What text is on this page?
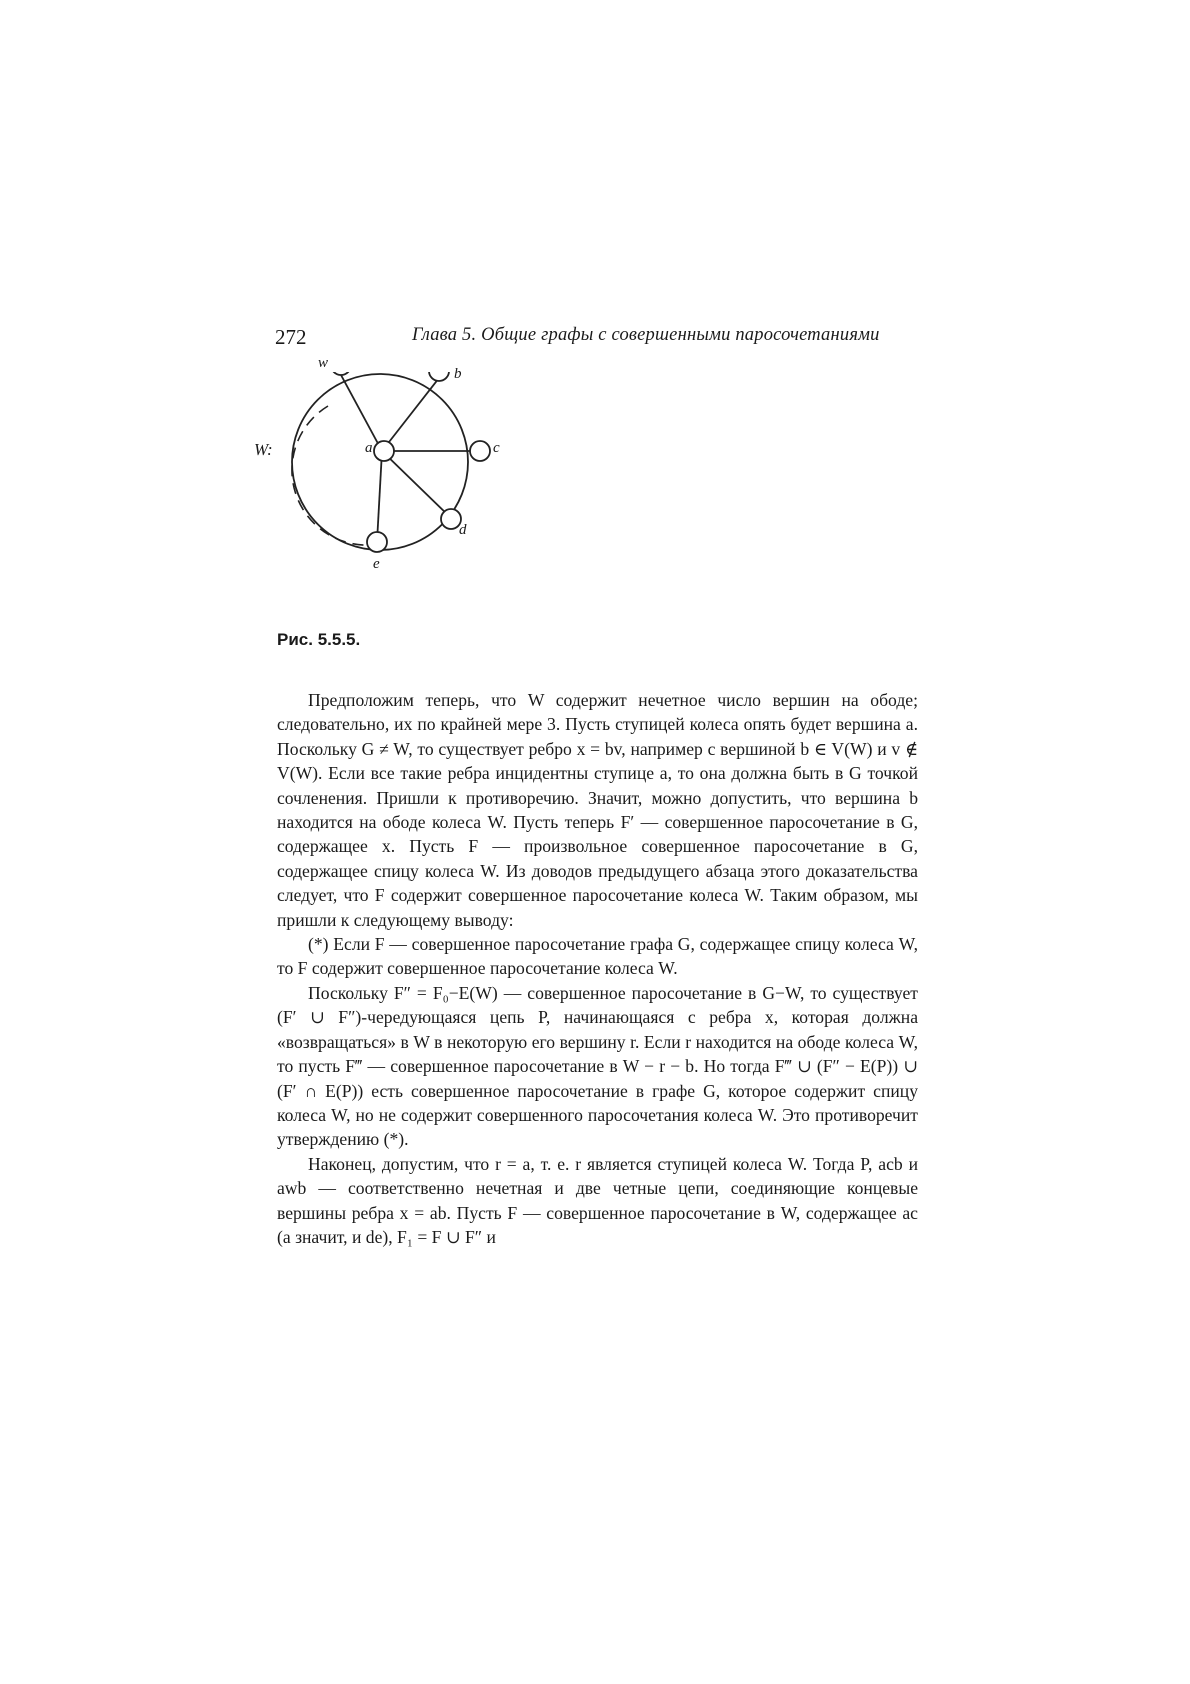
272	Глава 5. Общие графы с совершенными паросочетаниями
W:
w
b
a	c
d
e
Рис. 5.5.5.

Предположим теперь, что W содержит нечетное число вершин на ободе; следовательно, их по крайней мере 3. Пусть ступицей колеса опять будет вершина a. Поскольку G ≠ W, то существует ребро x = bv, например с вершиной b ∈ V(W) и v ∉ V(W). Если все такие ребра инцидентны ступице a, то она должна быть в G точкой сочленения. Пришли к противоречию. Значит, можно допустить, что вершина b находится на ободе колеса W. Пусть теперь F′ — совершенное паросочетание в G, содержащее x. Пусть F — произвольное совершенное паросочетание в G, содержащее спицу колеса W. Из доводов предыдущего абзаца этого доказательства следует, что F содержит совершенное паросочетание колеса W. Таким образом, мы пришли к следующему выводу:

(*) Если F — совершенное паросочетание графа G, содержащее спицу колеса W, то F содержит совершенное паросочетание колеса W.

Поскольку F″ = F₀−E(W) — совершенное паросочетание в G−W, то существует (F′ ∪ F″)-чередующаяся цепь P, начинающаяся с ребра x, которая должна «возвращаться» в W в некоторую его вершину r. Если r находится на ободе колеса W, то пусть F‴ — совершенное паросочетание в W − r − b. Но тогда F‴ ∪ (F″ − E(P)) ∪ (F′ ∩ E(P)) есть совершенное паросочетание в графе G, которое содержит спицу колеса W, но не содержит совершенного паросочетания колеса W. Это противоречит утверждению (*).

Наконец, допустим, что r = a, т. е. r является ступицей колеса W. Тогда P, acb и awb — соответственно нечетная и две четные цепи, соединяющие концевые вершины ребра x = ab. Пусть F — совершенное паросочетание в W, содержащее ac (а значит, и de), F₁ = F ∪ F″ и
